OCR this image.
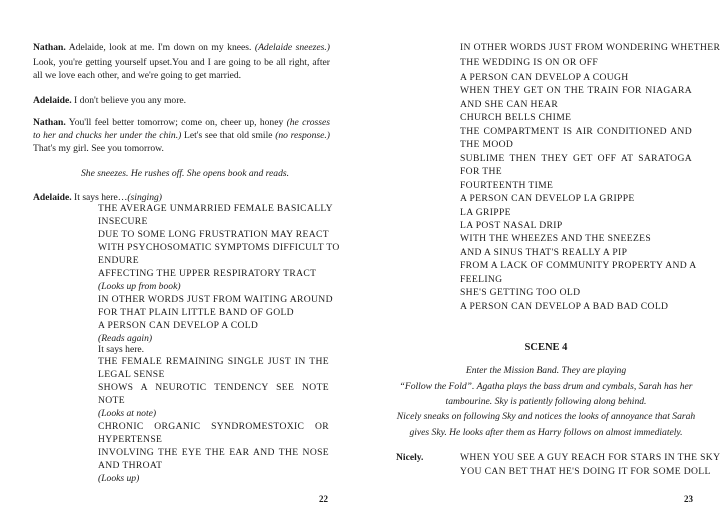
Nathan. Adelaide, look at me. I'm down on my knees. (Adelaide sneezes.)
Look, you're getting yourself upset.You and I are going to be all right, after
all we love each other, and we're going to get married.
Adelaide. I don't believe you any more.
Nathan. You'll feel better tomorrow; come on, cheer up, honey (he crosses
to her and chucks her under the chin.) Let's see that old smile (no response.)
That's my girl. See you tomorrow.
She sneezes. He rushes off. She opens book and reads.
Adelaide. It says here…(singing)
THE AVERAGE UNMARRIED FEMALE BASICALLY
INSECURE
DUE TO SOME LONG FRUSTRATION MAY REACT
WITH PSYCHOSOMATIC SYMPTOMS DIFFICULT TO
ENDURE
AFFECTING THE UPPER RESPIRATORY TRACT
(Looks up from book)
IN OTHER WORDS JUST FROM WAITING AROUND
FOR THAT PLAIN LITTLE BAND OF GOLD
A PERSON CAN DEVELOP A COLD
(Reads again)
It says here.
THE FEMALE REMAINING SINGLE JUST IN THE
LEGAL SENSE
SHOWS A NEUROTIC TENDENCY SEE NOTE
NOTE
(Looks at note)
CHRONIC ORGANIC SYNDROMESTOXIC OR
HYPERTENSE
INVOLVING THE EYE THE EAR AND THE NOSE
AND THROAT
(Looks up)
22
IN OTHER WORDS JUST FROM WONDERING WHETHER
THE WEDDING IS ON OR OFF
A PERSON CAN DEVELOP A COUGH
WHEN THEY GET ON THE TRAIN FOR NIAGARA
AND SHE CAN HEAR
CHURCH BELLS CHIME
THE COMPARTMENT IS AIR CONDITIONED AND
THE MOOD
SUBLIME THEN THEY GET OFF AT SARATOGA
FOR THE
FOURTEENTH TIME
A PERSON CAN DEVELOP LA GRIPPE
LA GRIPPE
LA POST NASAL DRIP
WITH THE WHEEZES AND THE SNEEZES
AND A SINUS THAT'S REALLY A PIP
FROM A LACK OF COMMUNITY PROPERTY AND A
FEELING
SHE'S GETTING TOO OLD
A PERSON CAN DEVELOP A BAD BAD COLD
SCENE 4
Enter the Mission Band. They are playing
“Follow the Fold”. Agatha plays the bass drum and cymbals, Sarah has her
tambourine. Sky is patiently following along behind.
Nicely sneaks on following Sky and notices the looks of annoyance that Sarah
gives Sky. He looks after them as Harry follows on almost immediately.
Nicely.	WHEN YOU SEE A GUY REACH FOR STARS IN THE SKY
YOU CAN BET THAT HE'S DOING IT FOR SOME DOLL
23
